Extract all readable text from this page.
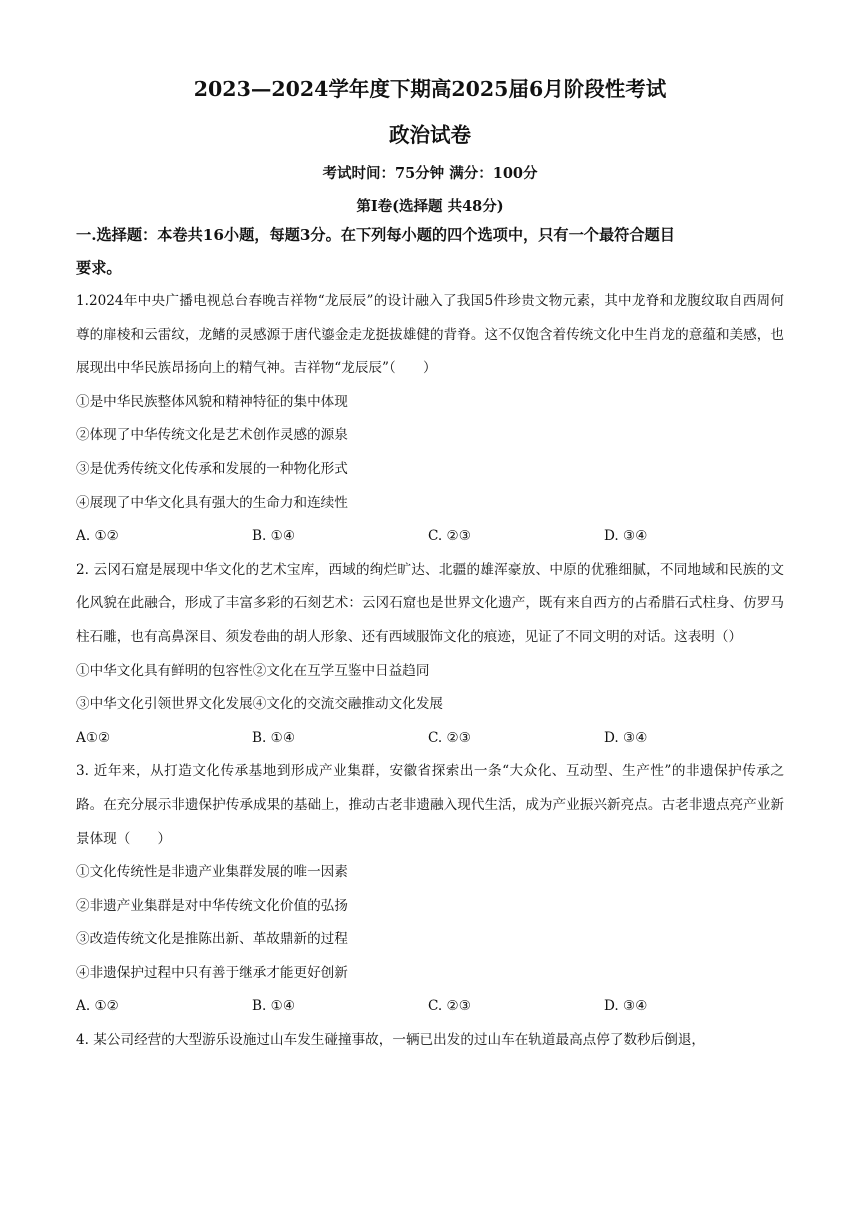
2023—2024学年度下期高2025届6月阶段性考试
政治试卷
考试时间：75分钟 满分：100分
第Ⅰ卷(选择题 共48分)
一.选择题：本卷共16小题，每题3分。在下列每小题的四个选项中，只有一个最符合题目
要求。
1.2024年中央广播电视总台春晚吉祥物“龙辰辰”的设计融入了我国5件珍贵文物元素，其中龙脊和龙腹纹取自西周何尊的扉棱和云雷纹，龙鳍的灵感源于唐代鎏金走龙挺拔雄健的背脊。这不仅饱含着传统文化中生肖龙的意蕴和美感，也展现出中华民族昂扬向上的精气神。吉祥物“龙辰辰”（　　）
①是中华民族整体风貌和精神特征的集中体现
②体现了中华传统文化是艺术创作灵感的源泉
③是优秀传统文化传承和发展的一种物化形式
④展现了中华文化具有强大的生命力和连续性
A. ①②	B. ①④	C. ②③	D. ③④
2. 云冈石窟是展现中华文化的艺术宝库，西域的绚烂旷达、北疆的雄浑豪放、中原的优雅细腻，不同地域和民族的文化风貌在此融合，形成了丰富多彩的石刻艺术：云冈石窟也是世界文化遗产，既有来自西方的占希腊石式柱身、仿罗马柱石雕，也有高鼻深目、须发卷曲的胡人形象、还有西域服饰文化的痕迹，见证了不同文明的对话。这表明（）
①中华文化具有鲜明的包容性②文化在互学互鉴中日益趋同
③中华文化引领世界文化发展④文化的交流交融推动文化发展
A①②	B. ①④	C. ②③	D. ③④
3. 近年来，从打造文化传承基地到形成产业集群，安徽省探索出一条“大众化、互动型、生产性”的非遗保护传承之路。在充分展示非遗保护传承成果的基础上，推动古老非遗融入现代生活，成为产业振兴新亮点。古老非遗点亮产业新景体现（　　）
①文化传统性是非遗产业集群发展的唯一因素
②非遗产业集群是对中华传统文化价值的弘扬
③改造传统文化是推陈出新、革故鼎新的过程
④非遗保护过程中只有善于继承才能更好创新
A. ①②	B. ①④	C. ②③	D. ③④
4. 某公司经营的大型游乐设施过山车发生碰撞事故，一辆已出发的过山车在轨道最高点停了数秒后倒退，
